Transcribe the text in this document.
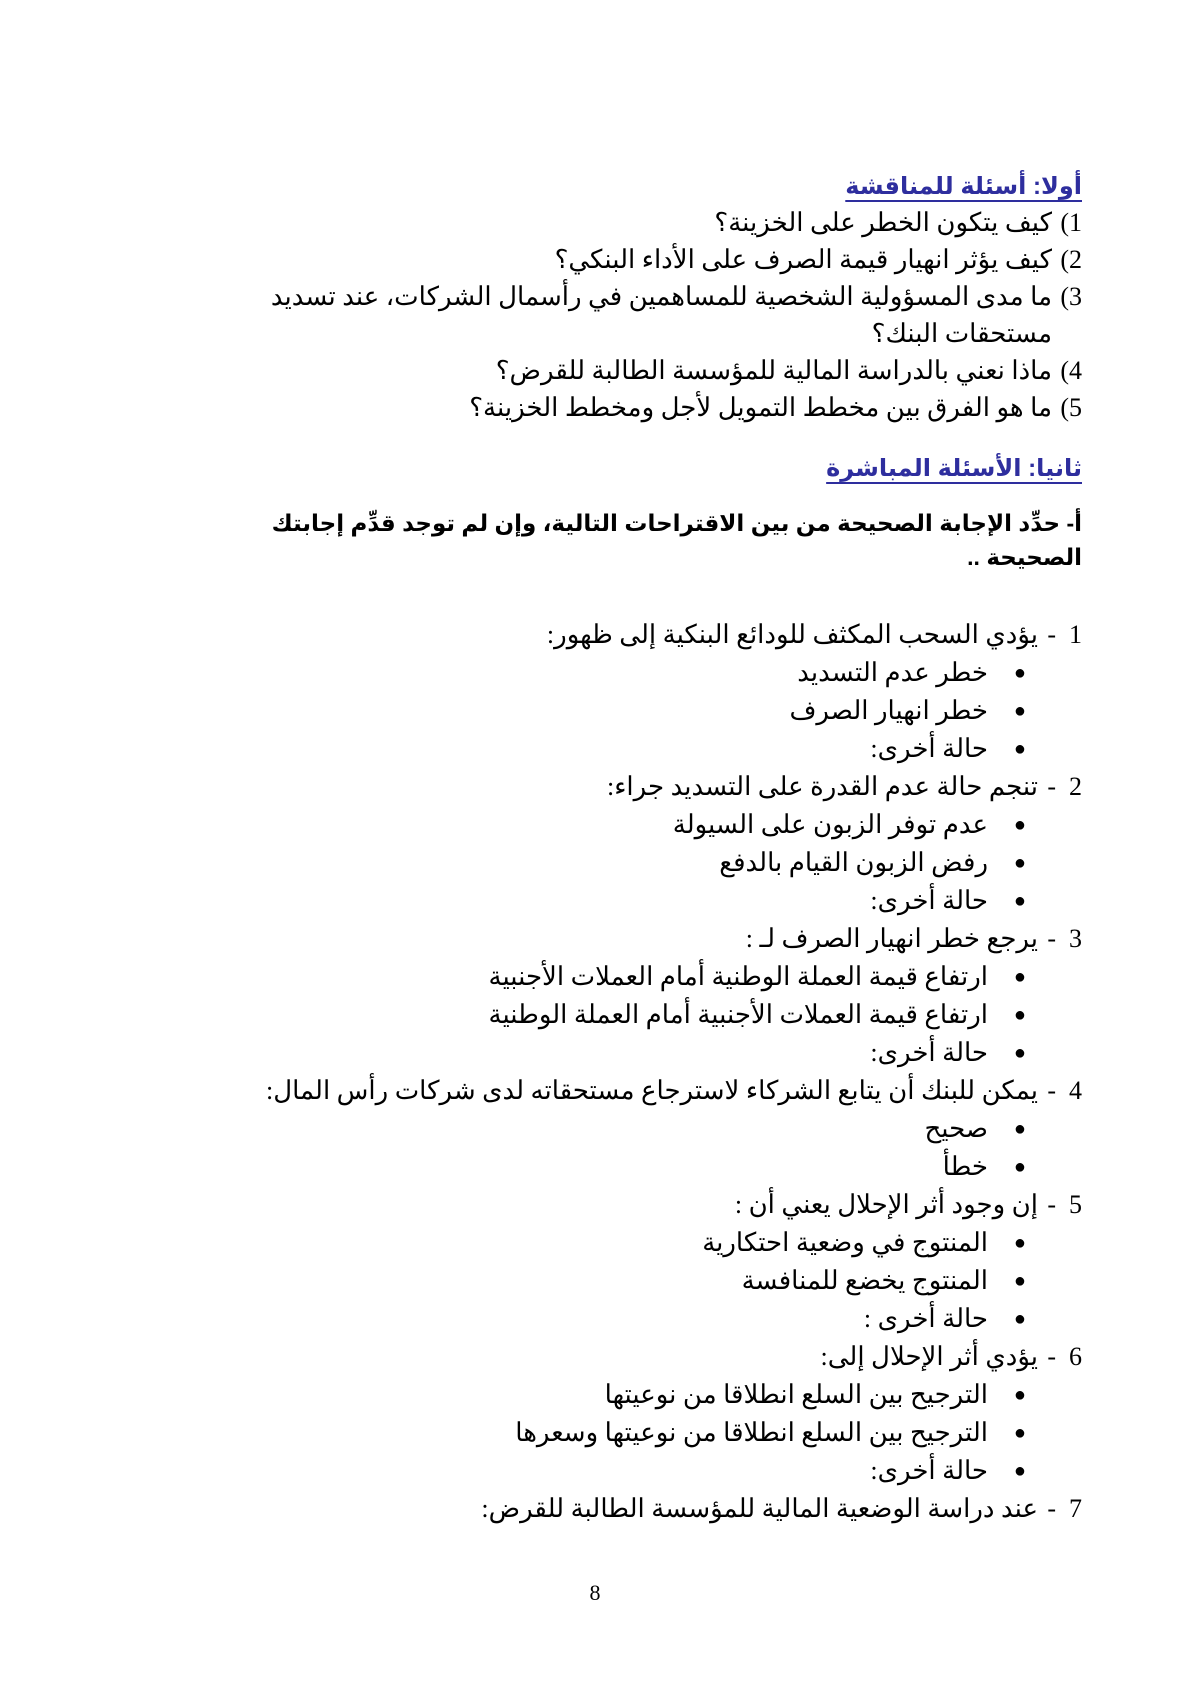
أولا: أسئلة للمناقشة
1)
كيف يتكون الخطر على الخزينة؟
2)
كيف يؤثر انهيار قيمة الصرف على الأداء البنكي؟
3)
ما مدى المسؤولية الشخصية للمساهمين في رأسمال الشركات، عند تسديد مستحقات البنك؟
4)
ماذا نعني بالدراسة المالية للمؤسسة الطالبة للقرض؟
5)
ما هو الفرق بين مخطط التمويل لأجل ومخطط الخزينة؟
ثانيا: الأسئلة المباشرة
أ- حدِّد الإجابة الصحيحة من بين الاقتراحات التالية، وإن لم توجد قدِّم إجابتك الصحيحة ..
1
-
يؤدي السحب المكثف للودائع البنكية إلى ظهور:
●
خطر عدم التسديد
●
خطر انهيار الصرف
●
حالة أخرى:
2
-
تنجم حالة عدم القدرة على التسديد جراء:
●
عدم توفر الزبون على السيولة
●
رفض الزبون القيام بالدفع
●
حالة أخرى:
3
-
يرجع خطر انهيار الصرف لـ :
●
ارتفاع قيمة العملة الوطنية أمام العملات الأجنبية
●
ارتفاع قيمة العملات الأجنبية أمام العملة الوطنية
●
حالة أخرى:
4
-
يمكن للبنك أن يتابع الشركاء لاسترجاع مستحقاته لدى شركات رأس المال:
●
صحيح
●
خطأ
5
-
إن وجود أثر الإحلال يعني أن :
●
المنتوج في وضعية احتكارية
●
المنتوج يخضع للمنافسة
●
حالة أخرى :
6
-
يؤدي أثر الإحلال إلى:
●
الترجيح بين السلع انطلاقا من نوعيتها
●
الترجيح بين السلع انطلاقا من نوعيتها وسعرها
●
حالة أخرى:
7
-
عند دراسة الوضعية المالية للمؤسسة الطالبة للقرض:
8
